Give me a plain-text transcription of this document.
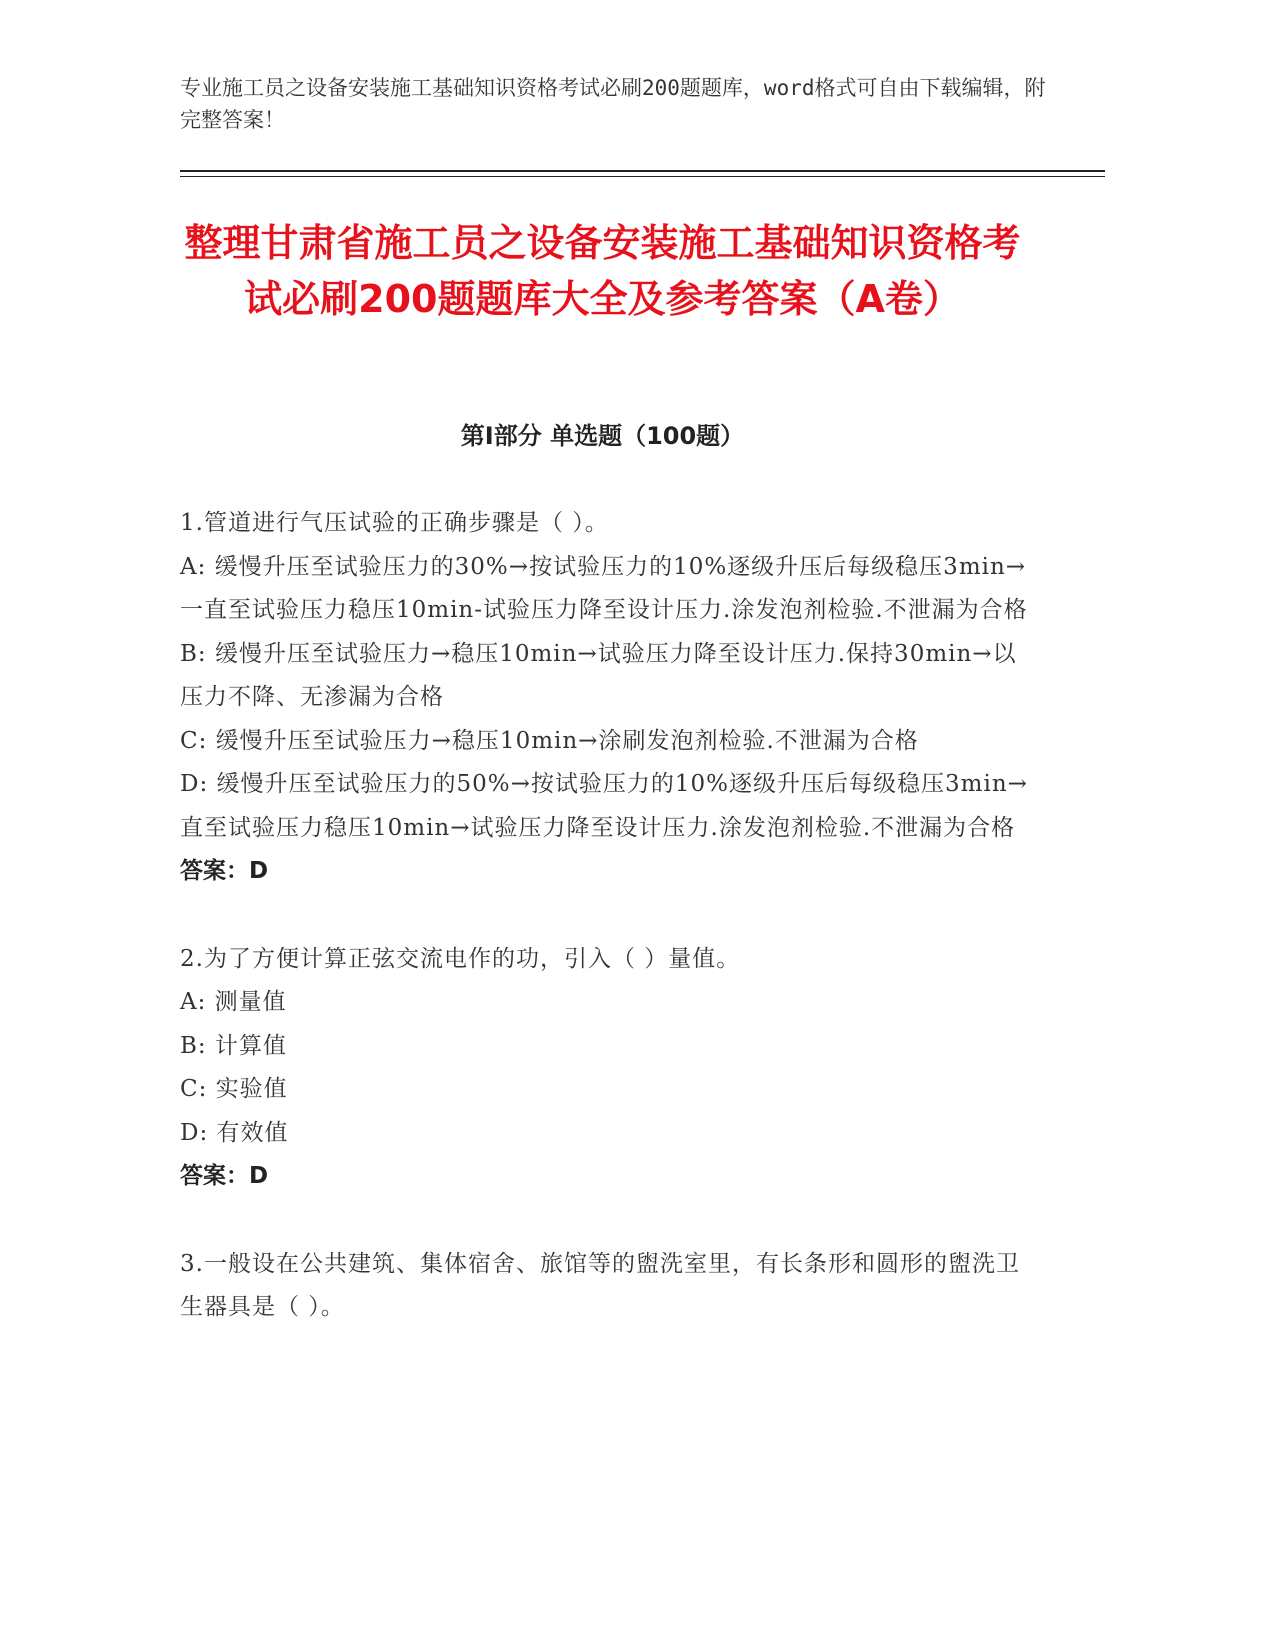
专业施工员之设备安装施工基础知识资格考试必刷200题题库，word格式可自由下载编辑，附完整答案！
整理甘肃省施工员之设备安装施工基础知识资格考试必刷200题题库大全及参考答案（A卷）
第I部分 单选题（100题）
1.管道进行气压试验的正确步骤是（ ）。
A: 缓慢升压至试验压力的30%→按试验压力的10%逐级升压后每级稳压3min→一直至试验压力稳压10min-试验压力降至设计压力.涂发泡剂检验.不泄漏为合格
B: 缓慢升压至试验压力→稳压10min→试验压力降至设计压力.保持30min→以压力不降、无渗漏为合格
C: 缓慢升压至试验压力→稳压10min→涂刷发泡剂检验.不泄漏为合格
D: 缓慢升压至试验压力的50%→按试验压力的10%逐级升压后每级稳压3min→直至试验压力稳压10min→试验压力降至设计压力.涂发泡剂检验.不泄漏为合格
答案：D
2.为了方便计算正弦交流电作的功，引入（ ）量值。
A: 测量值
B: 计算值
C: 实验值
D: 有效值
答案：D
3.一般设在公共建筑、集体宿舍、旅馆等的盥洗室里，有长条形和圆形的盥洗卫生器具是（ ）。
